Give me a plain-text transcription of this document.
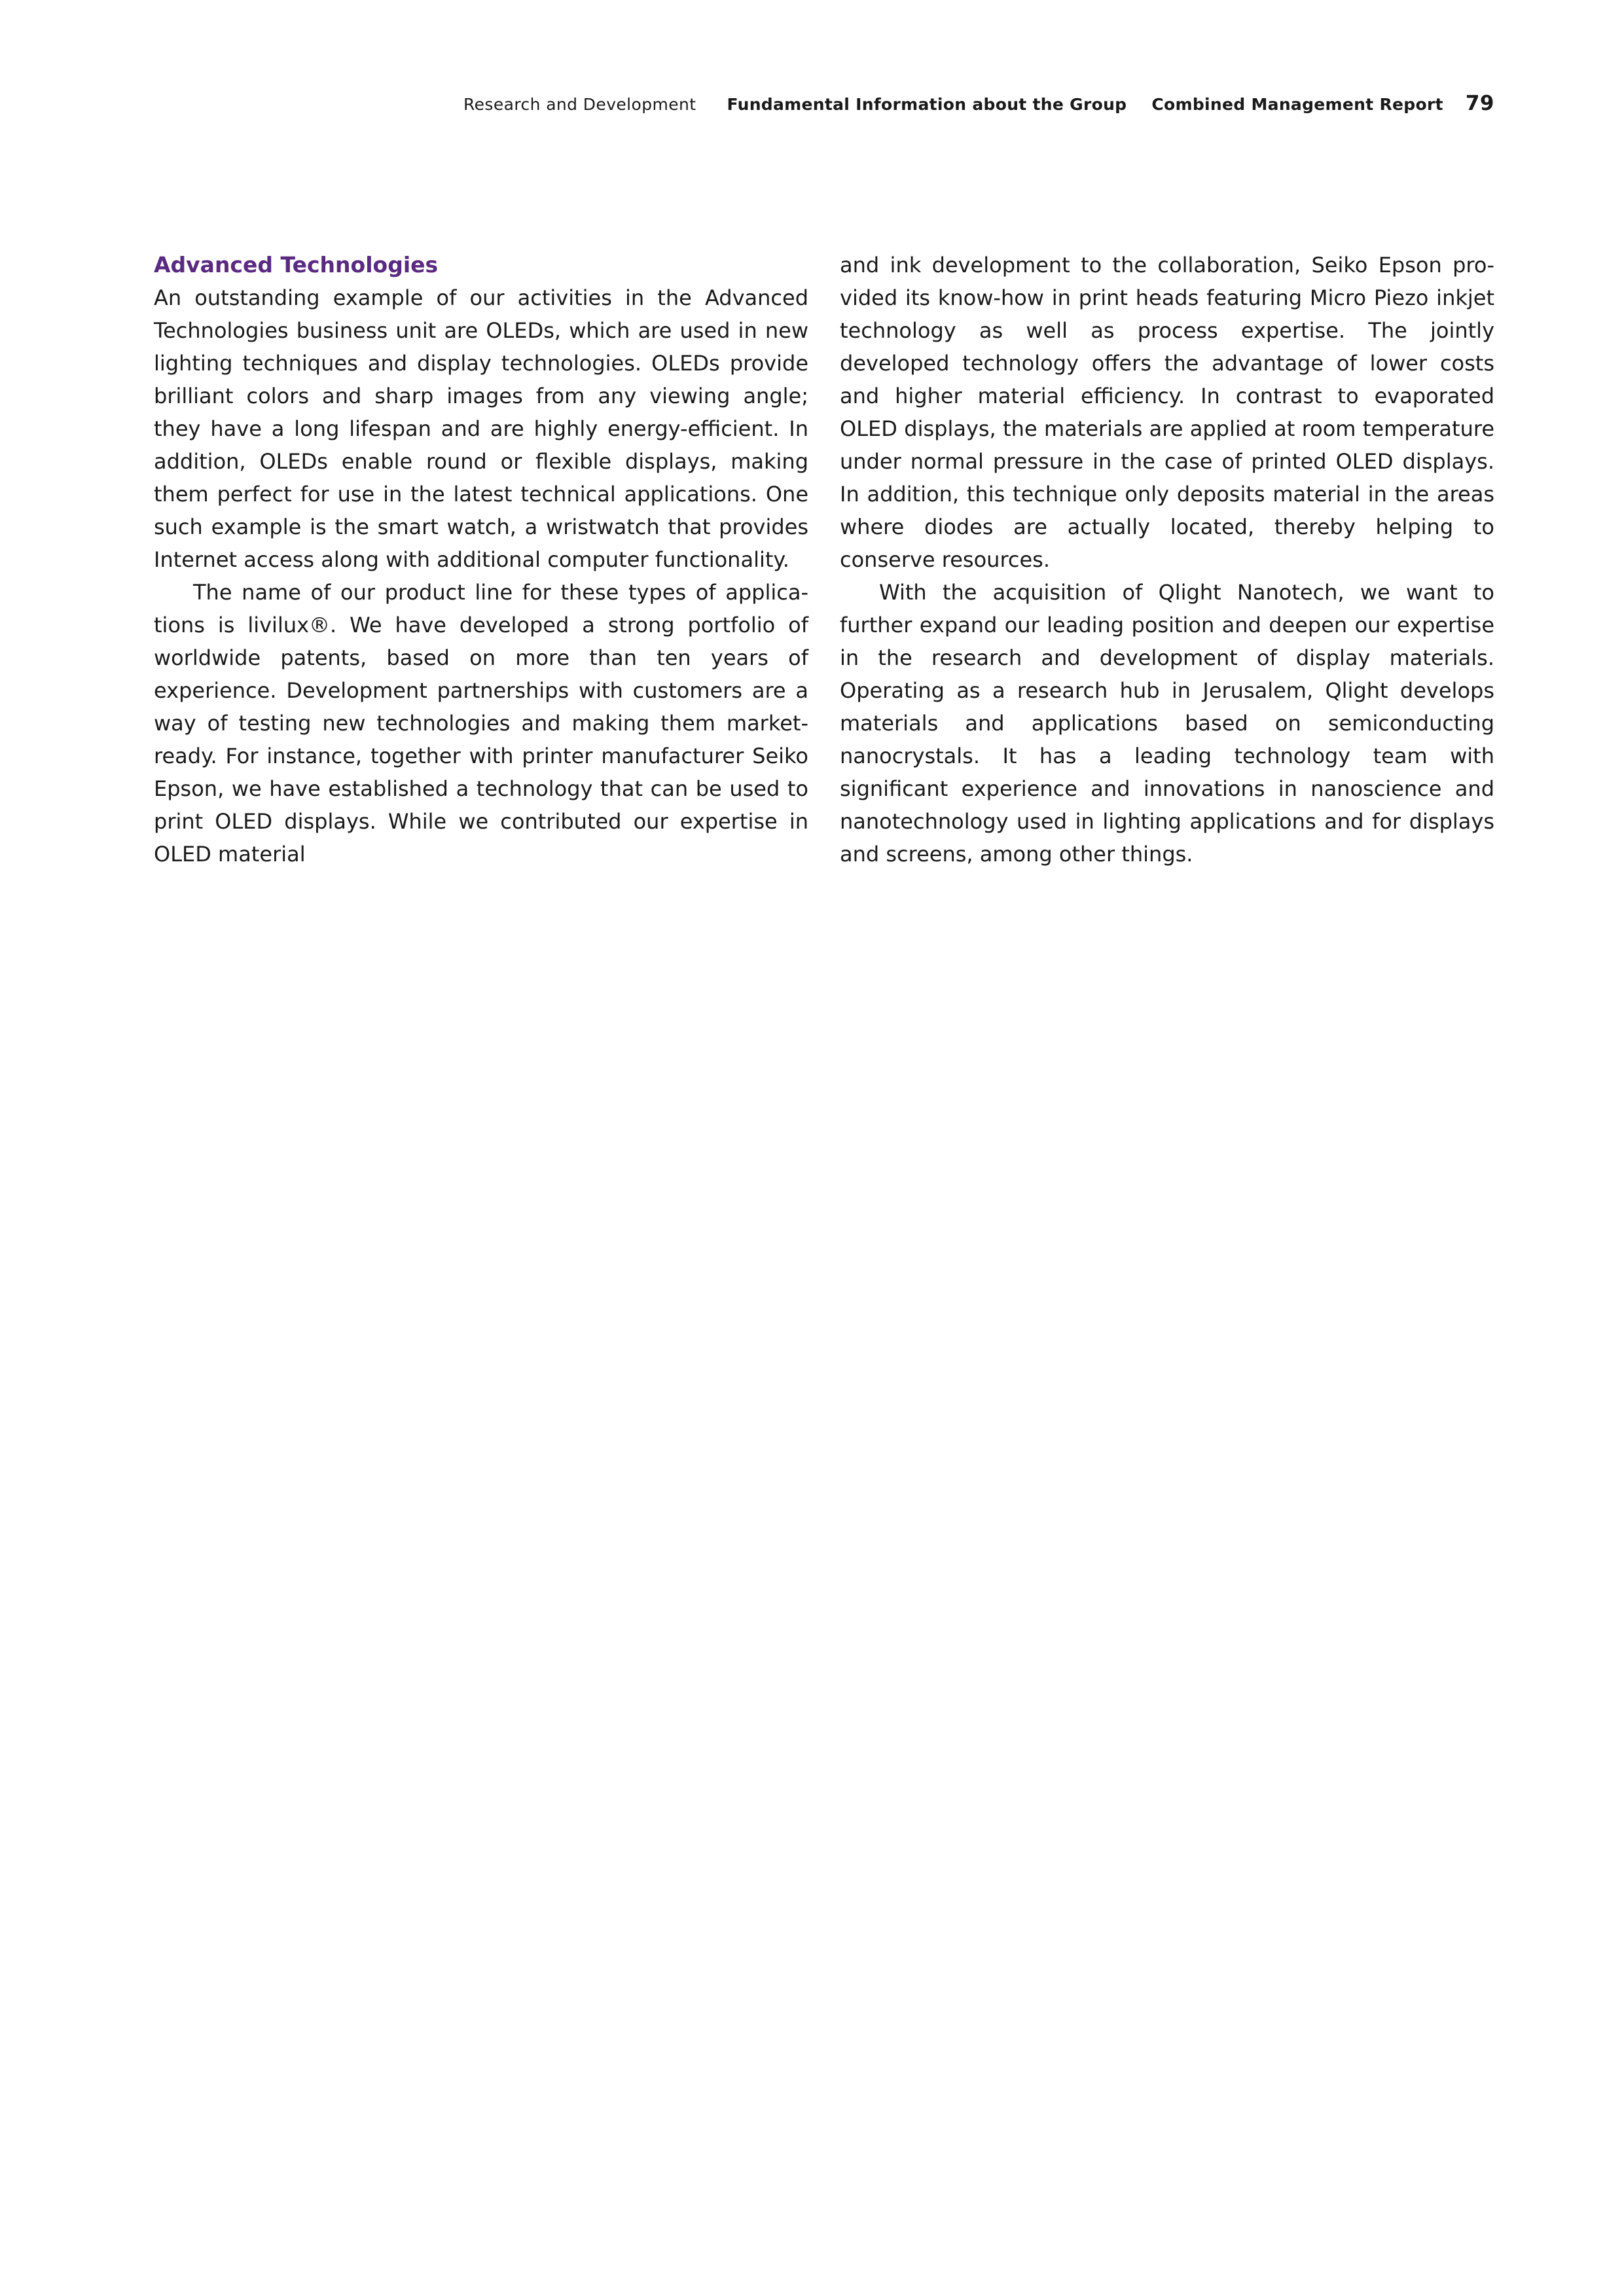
Research and Development Fundamental Information about the Group Combined Management Report 79
Advanced Technologies

An outstanding example of our activities in the Advanced Technologies business unit are OLEDs, which are used in new lighting techniques and display technologies. OLEDs provide brilliant colors and sharp images from any viewing angle; they have a long lifespan and are highly energy-efficient. In addition, OLEDs enable round or flexible displays, making them perfect for use in the latest technical applications. One such example is the smart watch, a wristwatch that provides Internet access along with additional computer functionality.

The name of our product line for these types of applications is livilux®. We have developed a strong portfolio of worldwide patents, based on more than ten years of experience. Development partnerships with customers are a way of testing new technologies and making them market-ready. For instance, together with printer manufacturer Seiko Epson, we have established a technology that can be used to print OLED displays. While we contributed our expertise in OLED material

and ink development to the collaboration, Seiko Epson provided its know-how in print heads featuring Micro Piezo inkjet technology as well as process expertise. The jointly developed technology offers the advantage of lower costs and higher material efficiency. In contrast to evaporated OLED displays, the materials are applied at room temperature under normal pressure in the case of printed OLED displays. In addition, this technique only deposits material in the areas where diodes are actually located, thereby helping to conserve resources.

With the acquisition of Qlight Nanotech, we want to further expand our leading position and deepen our expertise in the research and development of display materials. Operating as a research hub in Jerusalem, Qlight develops materials and applications based on semiconducting nanocrystals. It has a leading technology team with significant experience and innovations in nanoscience and nanotechnology used in lighting applications and for displays and screens, among other things.
